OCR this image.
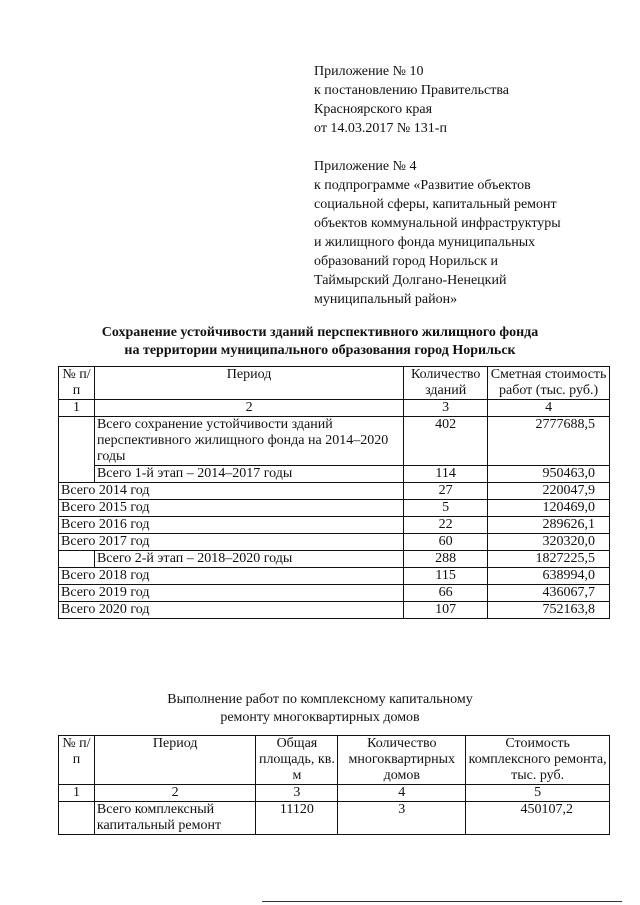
Приложение № 10
к постановлению Правительства
Красноярского края
от 14.03.2017 № 131-п
Приложение № 4
к подпрограмме «Развитие объектов
социальной сферы, капитальный ремонт
объектов коммунальной инфраструктуры
и жилищного фонда муниципальных
образований город Норильск и
Таймырский Долгано-Ненецкий
муниципальный район»
Сохранение устойчивости зданий перспективного жилищного фонда
на территории муниципального образования город Норильск
№ п/п	Период	Количество зданий	Сметная стоимость работ (тыс. руб.)
1	2	3	4
	Всего сохранение устойчивости зданий перспективного жилищного фонда на 2014–2020 годы	402	2777688,5
	Всего 1-й этап – 2014–2017 годы	114	950463,0
Всего 2014 год		27	220047,9
Всего 2015 год		5	120469,0
Всего 2016 год		22	289626,1
Всего 2017 год		60	320320,0
	Всего 2-й этап – 2018–2020 годы	288	1827225,5
Всего 2018 год		115	638994,0
Всего 2019 год		66	436067,7
Всего 2020 год		107	752163,8
Выполнение работ по комплексному капитальному
ремонту многоквартирных домов
№ п/п	Период	Общая площадь, кв. м	Количество многоквартирных домов	Стоимость комплексного ремонта, тыс. руб.
1	2	3	4	5
	Всего комплексный капитальный ремонт	11120	3	450107,2
